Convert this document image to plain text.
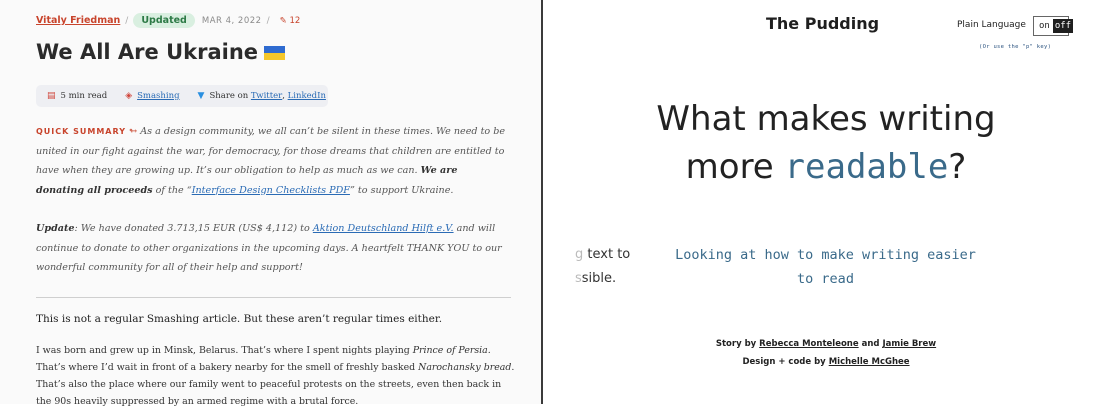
Vitaly Friedman /	Updated	MAR 4, 2022 / ✎ 12
We All Are Ukraine
▤ 5 min read ◈ Smashing ▼ Share on
Twitter ,
LinkedIn
QUICK SUMMARY ↬ As a design community, we all can’t be silent in these times. We need to be united in our fight against the war, for democracy, for those dreams that children are entitled to have when they are growing up. It’s our obligation to help as much as we can. We are donating all proceeds of the “Interface Design Checklists PDF” to support Ukraine.
Update: We have donated 3.713,15 EUR (US$ 4,112) to Aktion Deutschland Hilft e.V. and will continue to donate to other organizations in the upcoming days. A heartfelt THANK YOU to our wonderful community for all of their help and support!
This is not a regular Smashing article. But these aren’t regular times either.
I was born and grew up in Minsk, Belarus. That’s where I spent nights playing Prince of Persia. That’s where I’d wait in front of a bakery nearby for the smell of freshly basked Narochansky bread. That’s also the place where our family went to peaceful protests on the streets, even then back in the 90s heavily suppressed by an armed regime with a brutal force.
The Pudding	Plain Language	on off
(Or use the "p" key)
What makes writing
more readable?
g text to
ssible.
Looking at how to make writing easier to read
Story by Rebecca Monteleone and Jamie Brew
Design + code by Michelle McGhee
